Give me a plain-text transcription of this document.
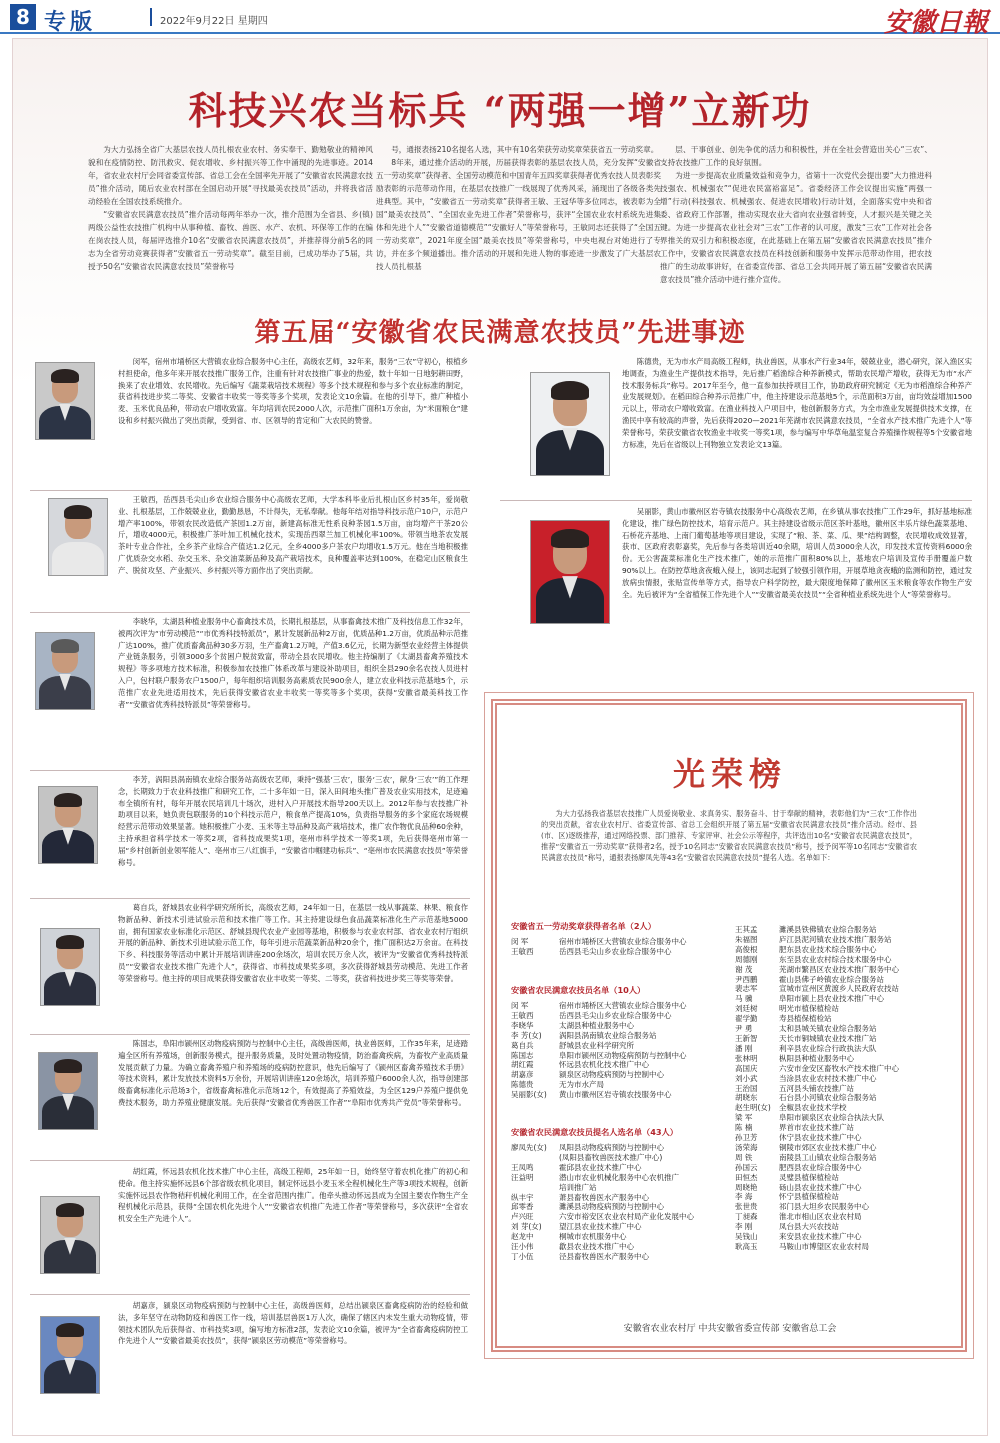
8 专版	2022年9月22日 星期四	安徽日報
科技兴农当标兵 “两强一增”立新功

为大力弘扬全省广大基层农技人员扎根农业农村、务实奉干、勤勉敬业的精神风貌和在疫情防控、防汛救灾、促农增收、乡村振兴等工作中涌现的先进事迹。2014年，省农业农村厅会同省委宣传部、省总工会在全国率先开展了“安徽省农民满意农技员”推介活动，随后农业农村部在全国启动开展“寻找最美农技员”活动，并将我省活动经验在全国农技系统推介。

“安徽省农民满意农技员”推介活动每两年举办一次，推介范围为全省县、乡(镇)两级公益性农技推广机构中从事种植、畜牧、兽医、水产、农机、环保等工作的在编在岗农技人员，每届评选推介10名“安徽省农民满意农技员”，并推荐得分前5名的同志为全省劳动竞赛获得者“安徽省五一劳动奖章”。截至目前，已成功举办了5届，共授予50名“安徽省农民满意农技员”荣誉称号

号，通报表扬210名提名人选，其中有10名荣获劳动奖章荣获省五一劳动奖章。

8年来，通过推介活动的开展，历届获得表彰的基层农技人员，充分发挥“安徽省五一劳动奖章”获得者、全国劳动模范和中国青年五四奖章获得者优秀农技人员表彰奖励表彰的示范带动作用，在基层农技推广一线展现了优秀风采，涌现出了各级各类先进典型。其中，“安徽省五一劳动奖章”获得者王敏、王冠华等多位同志，被表彰为全国“最美农技员”、“全国农业先进工作者”荣誉称号，获评“全国农业农村系统先进集体和先进个人”“安徽省道德模范”“安徽好人”等荣誉称号，王敏同志还获得了“全国五一劳动奖章”，2021年度全国“最美农技员”等荣誉称号，中央电视台对她进行了专访，并在多个频道播出。推介活动的开展和先进人物的事迹进一步激发了广大基层农技人员扎根基

层、干事创业、创先争优的活力和积极性，并在全社会营造出关心“三农”、支持农技推广工作的良好氛围。

为进一步提高农业质量效益和竞争力，省第十一次党代会提出要“大力推进科技强农、机械强农”“促进农民富裕富足”。省委经济工作会议提出实施“两强一增”行动(科技强农、机械强农、促进农民增收)行动计划，全面落实党中央和省委、省政府工作部署，推动实现农业大省向农业强省转变，人才振兴是关键之关键。为进一步提高农业社会对“三农”工作者的认可度，激发“三农”工作对社会各界推关的双引力和积极态度，在此基础上在第五届“安徽省农民满意农技员”推介工作中，安徽省农民满意农技员在科技创新和服务中发挥示范带动作用，把农技推广的生动故事讲好，在省委宣传部、省总工会共同开展了第五届“安徽省农民满意农技员”推介活动中进行推介宣传。

第五届“安徽省农民满意农技员”先进事迹
闵军，宿州市埇桥区大营镇农业综合服务中心主任，高级农艺师，32年来，服务“三农”守初心，根植乡村担使命，他多年来开展农技推广服务工作，注重有针对农技推广事业的热爱，数十年如一日地躬耕田野，换来了农业增效、农民增收。先后编写《蔬菜栽培技术规程》等多个技术规程和参与多个农业标准的制定，获省科技进步奖二等奖、安徽省丰收奖一等奖等多个奖项，发表论文10余篇。在他的引导下，推广种植小麦、玉米优良品种，带动农户增收致富。年均培训农民2000人次，示范推广面积1万余亩，为“米面粮仓”建设和乡村振兴做出了突出贡献，受到省、市、区领导的肯定和广大农民的赞誉。
王敏西，岳西县毛尖山乡农业综合服务中心高级农艺师，大学本科毕业后扎根山区乡村35年，爱岗敬业、扎根基层，工作兢兢业业，勤勤恳恳，不计得失，无私奉献。他每年结对指导科技示范户10户，示范户增产率100%，带领农民改造低产茶园1.2万亩，新建高标准无性系良种茶园1.5万亩，亩均增产干茶20公斤，增收4000元，积极推广茶叶加工机械化技术，实现岳西翠兰加工机械化率100%。带领当地茶农发展茶叶专业合作社，全乡茶产业综合产值达1.2亿元，全乡4000多户茶农户均增收1.5万元。他在当地积极推广优质杂交水稻、杂交玉米、杂交油菜新品种及高产栽培技术，良种覆盖率达到100%，在稳定山区粮食生产、脱贫攻坚、产业振兴、乡村振兴等方面作出了突出贡献。
李晓华，太湖县种植业服务中心畜禽技术员，长期扎根基层，从事畜禽技术推广及科技信息工作32年，被两次评为“市劳动模范”“市优秀科技特派员”，累计发展新品种2万亩，优质品种1.2万亩，优质品种示范推广达100%，推广优质畜禽品种30多万羽，生产畜禽1.2万吨，产值3.6亿元，长期为新型农业经营主体提供产业链条服务，引领3000多个贫困户脱贫致富，带动全县农民增收。他主持编制了《太湖县畜禽养殖技术规程》等多项地方技术标准，积极参加农技推广体系改革与建设补助项目，组织全县290余名农技人员进村入户，包村联户服务农户1500户，每年组织培训服务高素质农民900余人，建立农业科技示范基地5个，示范推广农业先进适用技术，先后获得安徽省农业丰收奖一等奖等多个奖项，获得“安徽省最美科技工作者”“安徽省优秀科技特派员”等荣誉称号。
李芳，涡阳县涡南镇农业综合服务站高级农艺师，秉持“强基‘三农’，服务‘三农’，献身‘三农’”的工作理念，长期致力于农业科技推广和研究工作，二十多年如一日，深入田间地头推广普及农业实用技术，足迹遍布全镇所有村，每年开展农民培训几十场次，进村入户开展技术指导200天以上。2012年参与农技推广补助项目以来，她负责包联服务的10个科技示范户，粮食单产提高10%，负责指导服务的多个家庭农场规模经营示范带动效果显著。她积极推广小麦、玉米等主导品种及高产栽培技术，推广农作物优良品种60余种，主持承担省科学技术一等奖2项，省科技成果奖1项，亳州市科学技术一等奖1项，先后获得亳州市第一届“乡村创新创业领军能人”、亳州市三八红旗手，“安徽省巾帼建功标兵”、“亳州市农民满意农技员”等荣誉称号。
葛自兵，舒城县农业科学研究所所长，高级农艺师，24年如一日，在基层一线从事蔬菜、林果、粮食作物新品种、新技术引进试验示范和技术推广等工作。其主持建设绿色食品蔬菜标准化生产示范基地5000亩，拥有国家农业标准化示范区、舒城县现代农业产业园等基地，积极参与农业农村部、省农业农村厅组织开展的新品种、新技术引进试验示范工作，每年引进示范蔬菜新品种20余个，推广面积达2万余亩。在科技下乡、科技服务等活动中累计开展培训讲座200余场次，培训农民万余人次，被评为“安徽省优秀科技特派员”“安徽省农业技术推广先进个人”，获得省、市科技成果奖多项，多次获得舒城县劳动模范、先进工作者等荣誉称号。他主持的项目成果获得安徽省农业丰收奖一等奖、二等奖，获省科技进步奖三等奖等荣誉。
陈国志，阜阳市颍州区动物疫病预防与控制中心主任，高级兽医师，执业兽医师，工作35年来，足迹踏遍全区所有养殖场，创新服务模式，提升服务质量，及时处置动物疫情，防治畜禽疾病，为畜牧产业高质量发展贡献了力量。为确立畜禽养殖户和养殖场的疫病防控意识，他先后编写了《颍州区畜禽养殖技术手册》等技术资料，累计发放技术资料5万余份，开展培训讲座120余场次，培训养殖户6000余人次，指导创建部级畜禽标准化示范场3个，省级畜禽标准化示范场12个，有效提高了养殖效益，为全区129户养殖户提供免费技术服务，助力养殖业健康发展。先后获得“安徽省优秀兽医工作者”“阜阳市优秀共产党员”等荣誉称号。
胡红霞，怀远县农机化技术推广中心主任，高级工程师，25年如一日，始终坚守着农机化推广的初心和使命。他主持实施怀远县6个部省级农机化项目，制定怀远县小麦玉米全程机械化生产等3项技术规程，创新实施怀远县农作物秸秆机械化利用工作，在全省范围内推广。他牵头推动怀远县成为全国主要农作物生产全程机械化示范县，获得“全国农机化先进个人”“安徽省农机推广先进工作者”等荣誉称号，多次获评“全省农机安全生产先进个人”。
胡嘉彦，颍泉区动物疫病预防与控制中心主任，高级兽医师，总结出颍泉区畜禽疫病防治的经验和做法，多年坚守在动物防疫和兽医工作一线，培训基层兽医1万人次，确保了辖区内未发生重大动物疫情，带领技术团队先后获得省、市科技奖3项，编写地方标准2部，发表论文10余篇，被评为“全省畜禽疫病防控工作先进个人”“安徽省最美农技员”，获得“颍泉区劳动模范”等荣誉称号。
陈德贵，无为市水产局高级工程师，执业兽医，从事水产行业34年，兢兢业业，潜心研究，深入渔区实地调查，为渔业生产提供技术指导，先后推广稻渔综合种养新模式，帮助农民增产增收，获得无为市“水产技术服务标兵”称号。2017年至今，他一直参加扶持项目工作，协助政府研究制定《无为市稻渔综合种养产业发展规划》。在稻田综合种养示范推广中，他主持建设示范基地5个，示范面积3万亩，亩均效益增加1500元以上，带动农户增收致富。在渔业科技入户项目中，他创新服务方式，为全市渔业发展提供技术支撑，在渔民中享有较高的声誉，先后获得2020—2021年芜湖市农民满意农技员，“全省水产技术推广先进个人”等荣誉称号，荣获安徽省农牧渔业丰收奖一等奖1项，参与编写中华草龟温室复合养殖操作规程等5个安徽省地方标准，先后在省级以上刊物独立发表论文13篇。
吴丽影，黄山市徽州区岩寺镇农技服务中心高级农艺师，在乡镇从事农技推广工作29年，抓好基地标准化建设，推广绿色防控技术，培育示范户。其主持建设省级示范区茶叶基地，徽州区丰乐片绿色蔬菜基地、石桥花卉基地、上南门葡萄基地等项目建设，实现了“粮、茶、菜、瓜、果”结构调整，农民增收成效显著，获市、区政府表彰嘉奖，先后参与各类培训近40余期，培训人员3000余人次，印发技术宣传资料6000余份。无公害蔬菜标准化生产技术推广，她的示范推广面积80%以上，基地农户培训及宣传手册覆盖户数90%以上。在防控草地贪夜蛾入侵上，该同志起到了较强引领作用，开展草地贪夜蛾的监测和防控，通过发放病虫情报，张贴宣传单等方式，指导农户科学防控，最大限度地保障了徽州区玉米粮食等农作物生产安全。先后被评为“全省植保工作先进个人”“安徽省最美农技员”“全省种植业系统先进个人”等荣誉称号。
光荣榜
为大力弘扬我省基层农技推广人员爱岗敬业、求真务实、服务奋斗、甘于奉献的精神，表彰他们为“三农”工作作出的突出贡献，省农业农村厅、省委宣传部、省总工会组织开展了第五届“安徽省农民满意农技员”推介活动。经市、县(市、区)逐级推荐，通过网络投票、部门推荐、专家评审、社会公示等程序，共评选出10名“安徽省农民满意农技员”，推荐“安徽省五一劳动奖章”获得者2名，授予10名同志“安徽省农民满意农技员”称号，授予闵军等10名同志“安徽省农民满意农技员”称号，通报表扬廖凤先等43名“安徽省农民满意农技员”提名人选。名单如下：
安徽省五一劳动奖章获得者名单（2人）
闵 军	宿州市埇桥区大营镇农业综合服务中心
王敏西	岳西县毛尖山乡农业综合服务中心
安徽省农民满意农技员名单（10人）
闵 军	宿州市埇桥区大营镇农业综合服务中心
王敏西	岳西县毛尖山乡农业综合服务中心
李晓华	太湖县种植业服务中心
李 芳(女)	涡阳县涡南镇农业综合服务站
葛自兵	舒城县农业科学研究所
陈国志	阜阳市颍州区动物疫病预防与控制中心
胡红霞	怀远县农机化技术推广中心
胡嘉彦	颍泉区动物疫病预防与控制中心
陈德贵	无为市水产局
吴丽影(女)	黄山市徽州区岩寺镇农技服务中心
安徽省农民满意农技员提名人选名单（43人）
廖凤先(女)	凤阳县动物疫病预防与控制中心
(凤阳县畜牧兽医技术推广中心)
王凤鸣	霍邱县农业技术推广中心
汪益明	潜山市农业机械化服务中心农机推广
培训推广站
纵丰宇	萧县畜牧兽医水产服务中心
邱零香	濉溪县动物疫病预防与控制中心
卢兴旺	六安市裕安区农业农村局产业化发展中心
刘 芽(女)	望江县农业技术推广中心
赵龙中	桐城市农机服务中心
汪小伟	歙县农业技术推广中心
丁小伍	泾县畜牧兽医水产服务中心
王其孟	濉溪县铁佛镇农业综合服务站
朱福图	庐江县泥河镇农业技术推广服务站
高俊根	肥东县农业技术综合服务中心
周德刚	东至县农业农村综合技术服务中心
谢 茂	芜湖市繁昌区农业技术推广服务中心
尹西鹏	霍山县佛子岭镇农业综合服务站
裴志军	宣城市宣州区黄渡乡人民政府农技站
马 骥	阜阳市颍上县农业技术推广中心
刘廷树	明光市植保植检站
翟学勤	寿县植保植检站
尹 勇	太和县城关镇农业综合服务站
王新智	天长市铜城镇农业技术推广站
潘 刚	利辛县农业综合行政执法大队
张林明	枞阳县种植业服务中心
高国庆	六安市金安区畜牧水产技术推广中心
刘小武	当涂县农业农村技术推广中心
王治国	五河县头铺农技推广站
胡晓东	石台县小河镇农业综合服务站
赵生明(女)	全椒县农业技术学校
梁 军	阜阳市颍泉区农业综合执法大队
陈 楠	界首市农业技术推广站
孙卫芳	休宁县农业技术推广中心
汤荣海	铜陵市郊区农业技术推广中心
周 铁	南陵县工山镇农业综合服务站
孙国云	肥西县农业综合服务中心
田恒杰	灵璧县植保植检站
周晓艳	砀山县农业技术推广中心
李 海	怀宁县植保植检站
张世贵	祁门县大坦乡农民服务中心
丁昶森	淮北市相山区农业农村局
李 刚	凤台县大兴农技站
吴钱山	来安县农业技术推广中心
耿高玉	马鞍山市博望区农业农村局
安徽省农业农村厅 中共安徽省委宣传部 安徽省总工会
